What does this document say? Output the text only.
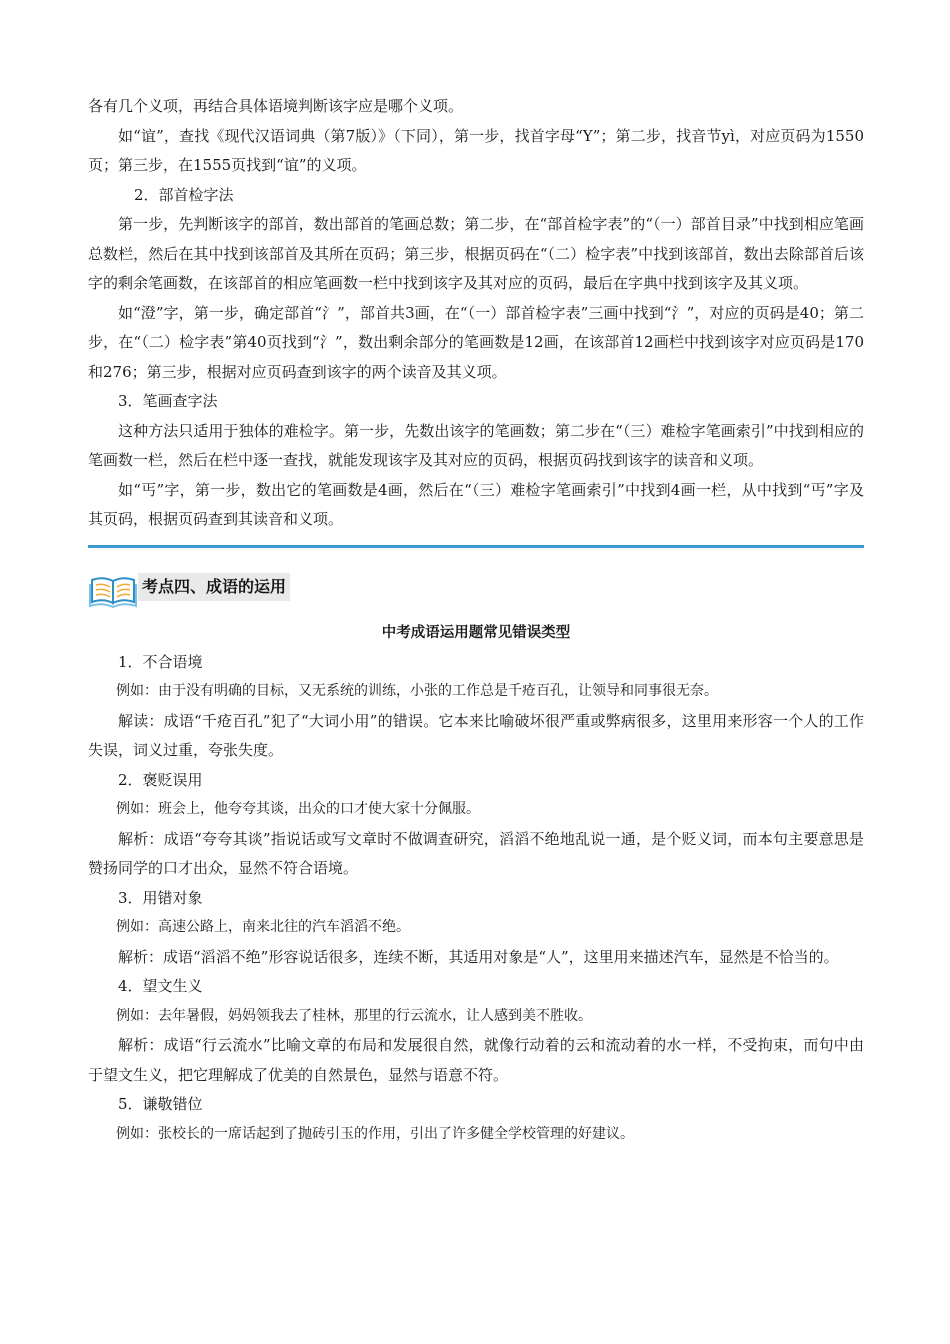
各有几个义项，再结合具体语境判断该字应是哪个义项。

如“谊”，查找《现代汉语词典（第7版）》（下同），第一步，找首字母“Y”；第二步，找音节yì，对应页码为1550页；第三步，在1555页找到“谊”的义项。

2．部首检字法

第一步，先判断该字的部首，数出部首的笔画总数；第二步，在“部首检字表”的“（一）部首目录”中找到相应笔画总数栏，然后在其中找到该部首及其所在页码；第三步，根据页码在“（二）检字表”中找到该部首，数出去除部首后该字的剩余笔画数，在该部首的相应笔画数一栏中找到该字及其对应的页码，最后在字典中找到该字及其义项。

如“澄”字，第一步，确定部首“氵”，部首共3画，在“（一）部首检字表”三画中找到“氵”，对应的页码是40；第二步，在“（二）检字表”第40页找到“氵”，数出剩余部分的笔画数是12画，在该部首12画栏中找到该字对应页码是170和276；第三步，根据对应页码查到该字的两个读音及其义项。

3．笔画查字法

这种方法只适用于独体的难检字。第一步，先数出该字的笔画数；第二步在“（三）难检字笔画索引”中找到相应的笔画数一栏，然后在栏中逐一查找，就能发现该字及其对应的页码，根据页码找到该字的读音和义项。

如“丐”字，第一步，数出它的笔画数是4画，然后在“（三）难检字笔画索引”中找到4画一栏，从中找到“丐”字及其页码，根据页码查到其读音和义项。

考点四、成语的运用

中考成语运用题常见错误类型

1．不合语境

例如：由于没有明确的目标，又无系统的训练，小张的工作总是千疮百孔，让领导和同事很无奈。

解读：成语“千疮百孔”犯了“大词小用”的错误。它本来比喻破坏很严重或弊病很多，这里用来形容一个人的工作失误，词义过重，夸张失度。

2．褒贬误用

例如：班会上，他夸夸其谈，出众的口才使大家十分佩服。

解析：成语“夸夸其谈”指说话或写文章时不做调查研究，滔滔不绝地乱说一通，是个贬义词，而本句主要意思是赞扬同学的口才出众，显然不符合语境。

3．用错对象

例如：高速公路上，南来北往的汽车滔滔不绝。

解析：成语“滔滔不绝”形容说话很多，连续不断，其适用对象是“人”，这里用来描述汽车，显然是不恰当的。

4．望文生义

例如：去年暑假，妈妈领我去了桂林，那里的行云流水，让人感到美不胜收。

解析：成语“行云流水”比喻文章的布局和发展很自然，就像行动着的云和流动着的水一样，不受拘束，而句中由于望文生义，把它理解成了优美的自然景色，显然与语意不符。

5．谦敬错位

例如：张校长的一席话起到了抛砖引玉的作用，引出了许多健全学校管理的好建议。
